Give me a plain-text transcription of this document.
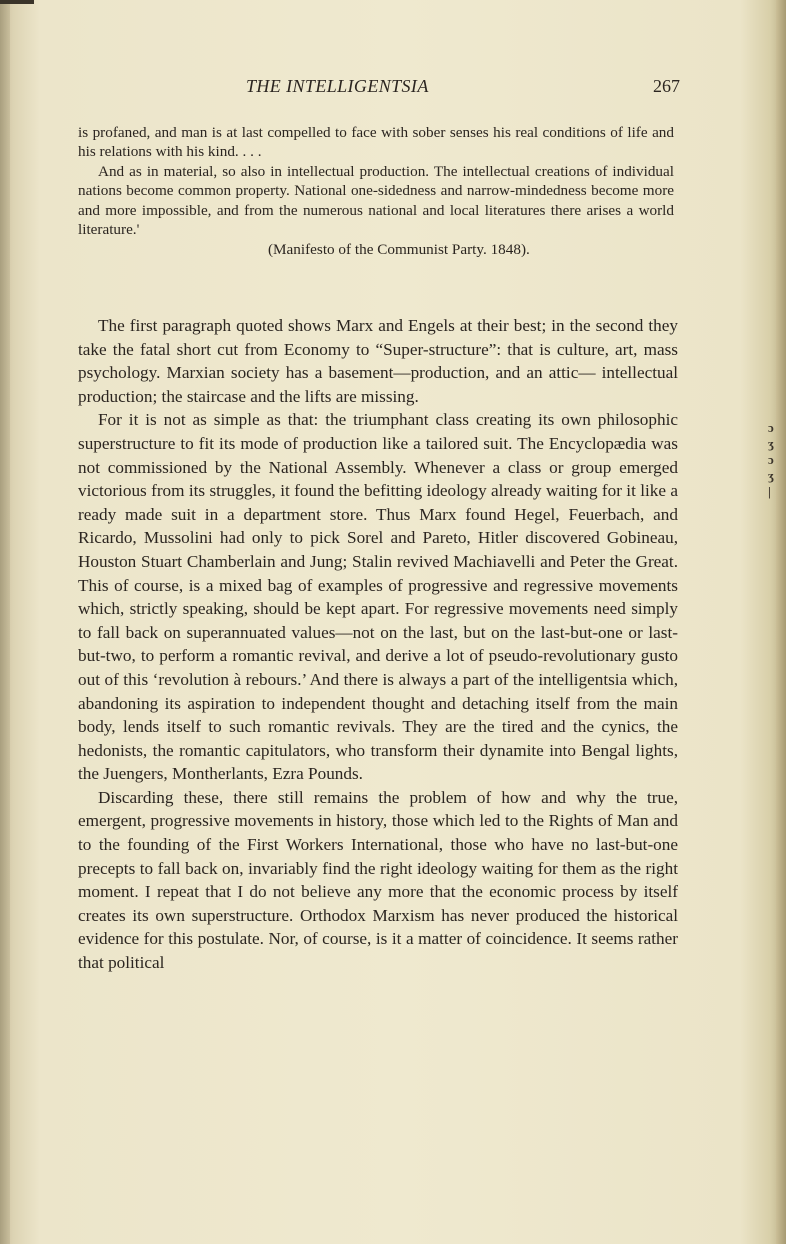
ɔ
ʒ
ɔ
ʒ
|
THE INTELLIGENTSIA	267

is profaned, and man is at last compelled to face with sober senses his real conditions of life and his relations with his kind. . . .

And as in material, so also in intellectual production. The intellectual creations of individual nations become common property. National one-sidedness and narrow-mindedness become more and more impossible, and from the numerous national and local literatures there arises a world literature.'

(Manifesto of the Communist Party. 1848).

The first paragraph quoted shows Marx and Engels at their best; in the second they take the fatal short cut from Economy to “Super-structure”: that is culture, art, mass psychology. Marxian society has a basement—production, and an attic— intellectual production; the staircase and the lifts are missing.

For it is not as simple as that: the triumphant class creating its own philosophic superstructure to fit its mode of production like a tailored suit. The Encyclopædia was not commissioned by the National Assembly. Whenever a class or group emerged victorious from its struggles, it found the befitting ideology already waiting for it like a ready made suit in a department store. Thus Marx found Hegel, Feuerbach, and Ricardo, Mussolini had only to pick Sorel and Pareto, Hitler discovered Gobineau, Houston Stuart Chamberlain and Jung; Stalin revived Machiavelli and Peter the Great. This of course, is a mixed bag of examples of progressive and regressive movements which, strictly speaking, should be kept apart. For regressive movements need simply to fall back on superannuated values—not on the last, but on the last-but-one or last-but-two, to perform a romantic revival, and derive a lot of pseudo-revolutionary gusto out of this ‘revolution à rebours.’ And there is always a part of the intelligentsia which, abandoning its aspiration to independent thought and detaching itself from the main body, lends itself to such romantic revivals. They are the tired and the cynics, the hedonists, the romantic capitulators, who transform their dynamite into Bengal lights, the Juengers, Montherlants, Ezra Pounds.

Discarding these, there still remains the problem of how and why the true, emergent, progressive movements in history, those which led to the Rights of Man and to the founding of the First Workers International, those who have no last-but-one precepts to fall back on, invariably find the right ideology waiting for them as the right moment. I repeat that I do not believe any more that the economic process by itself creates its own superstructure. Orthodox Marxism has never produced the historical evidence for this postulate. Nor, of course, is it a matter of coincidence. It seems rather that political
